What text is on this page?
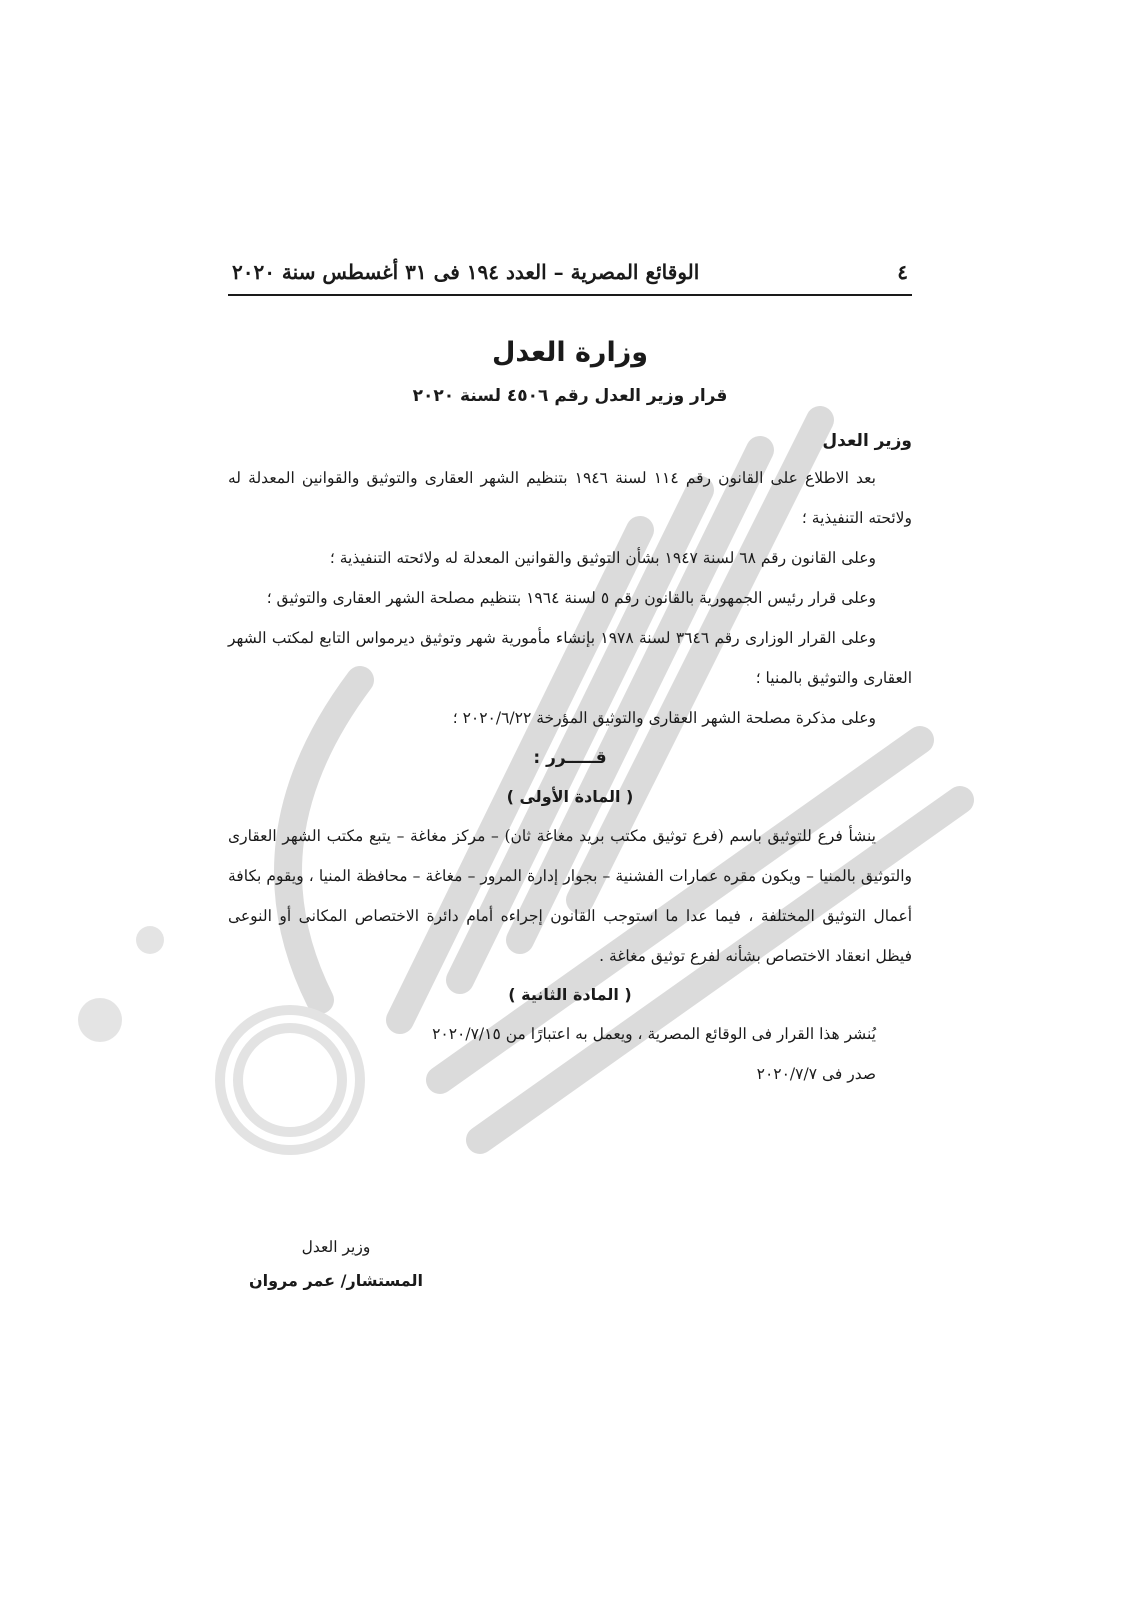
٤
الوقائع المصرية – العدد ١٩٤ فى ٣١ أغسطس سنة ٢٠٢٠
وزارة العدل
قرار وزير العدل رقم ٤٥٠٦ لسنة ٢٠٢٠
وزير العدل

بعد الاطلاع على القانون رقم ١١٤ لسنة ١٩٤٦ بتنظيم الشهر العقارى والتوثيق والقوانين المعدلة له ولائحته التنفيذية ؛

وعلى القانون رقم ٦٨ لسنة ١٩٤٧ بشأن التوثيق والقوانين المعدلة له ولائحته التنفيذية ؛

وعلى قرار رئيس الجمهورية بالقانون رقم ٥ لسنة ١٩٦٤ بتنظيم مصلحة الشهر العقارى والتوثيق ؛

وعلى القرار الوزارى رقم ٣٦٤٦ لسنة ١٩٧٨ بإنشاء مأمورية شهر وتوثيق ديرمواس التابع لمكتب الشهر العقارى والتوثيق بالمنيا ؛

وعلى مذكرة مصلحة الشهر العقارى والتوثيق المؤرخة ٢٠٢٠/٦/٢٢ ؛

قـــــرر :
( المادة الأولى )

ينشأ فرع للتوثيق باسم (فرع توثيق مكتب بريد مغاغة ثان) – مركز مغاغة – يتبع مكتب الشهر العقارى والتوثيق بالمنيا – ويكون مقره عمارات الفشنية – بجوار إدارة المرور – مغاغة – محافظة المنيا ، ويقوم بكافة أعمال التوثيق المختلفة ، فيما عدا ما استوجب القانون إجراءه أمام دائرة الاختصاص المكانى أو النوعى فيظل انعقاد الاختصاص بشأنه لفرع توثيق مغاغة .

( المادة الثانية )

يُنشر هذا القرار فى الوقائع المصرية ، ويعمل به اعتبارًا من ٢٠٢٠/٧/١٥

صدر فى ٢٠٢٠/٧/٧
وزير العدل
المستشار/ عمر مروان
